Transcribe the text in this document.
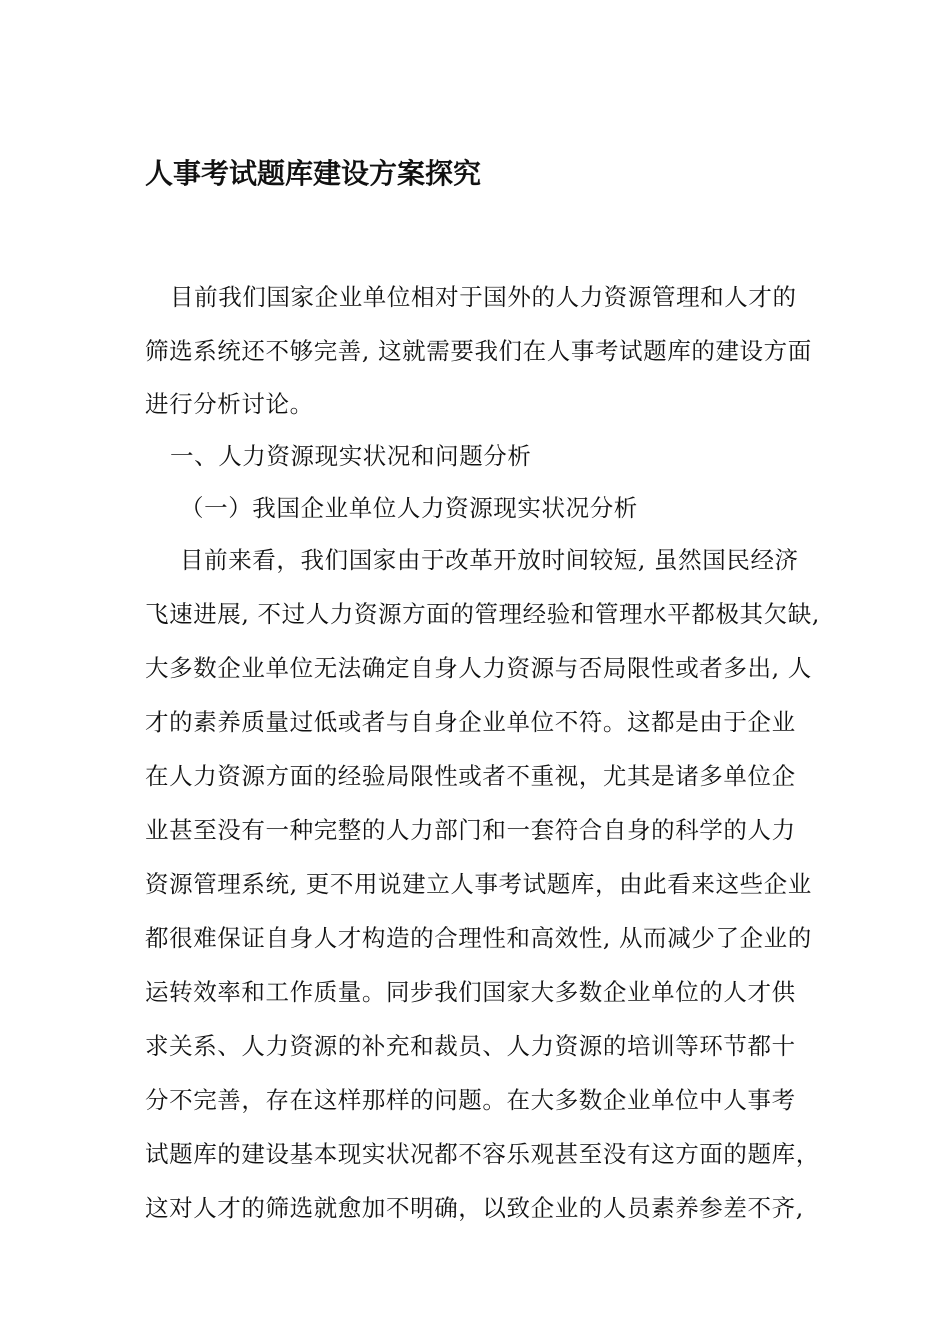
人事考试题库建设方案探究
目前我们国家企业单位相对于国外的人力资源管理和人才的
筛选系统还不够完善, 这就需要我们在人事考试题库的建设方面
进行分析讨论。
一、人力资源现实状况和问题分析
（一）我国企业单位人力资源现实状况分析
目前来看，我们国家由于改革开放时间较短, 虽然国民经济
飞速进展, 不过人力资源方面的管理经验和管理水平都极其欠缺,
大多数企业单位无法确定自身人力资源与否局限性或者多出, 人
才的素养质量过低或者与自身企业单位不符。这都是由于企业
在人力资源方面的经验局限性或者不重视，尤其是诸多单位企
业甚至没有一种完整的人力部门和一套符合自身的科学的人力
资源管理系统, 更不用说建立人事考试题库，由此看来这些企业
都很难保证自身人才构造的合理性和高效性, 从而减少了企业的
运转效率和工作质量。同步我们国家大多数企业单位的人才供
求关系、人力资源的补充和裁员、人力资源的培训等环节都十
分不完善，存在这样那样的问题。在大多数企业单位中人事考
试题库的建设基本现实状况都不容乐观甚至没有这方面的题库，
这对人才的筛选就愈加不明确，以致企业的人员素养参差不齐,
